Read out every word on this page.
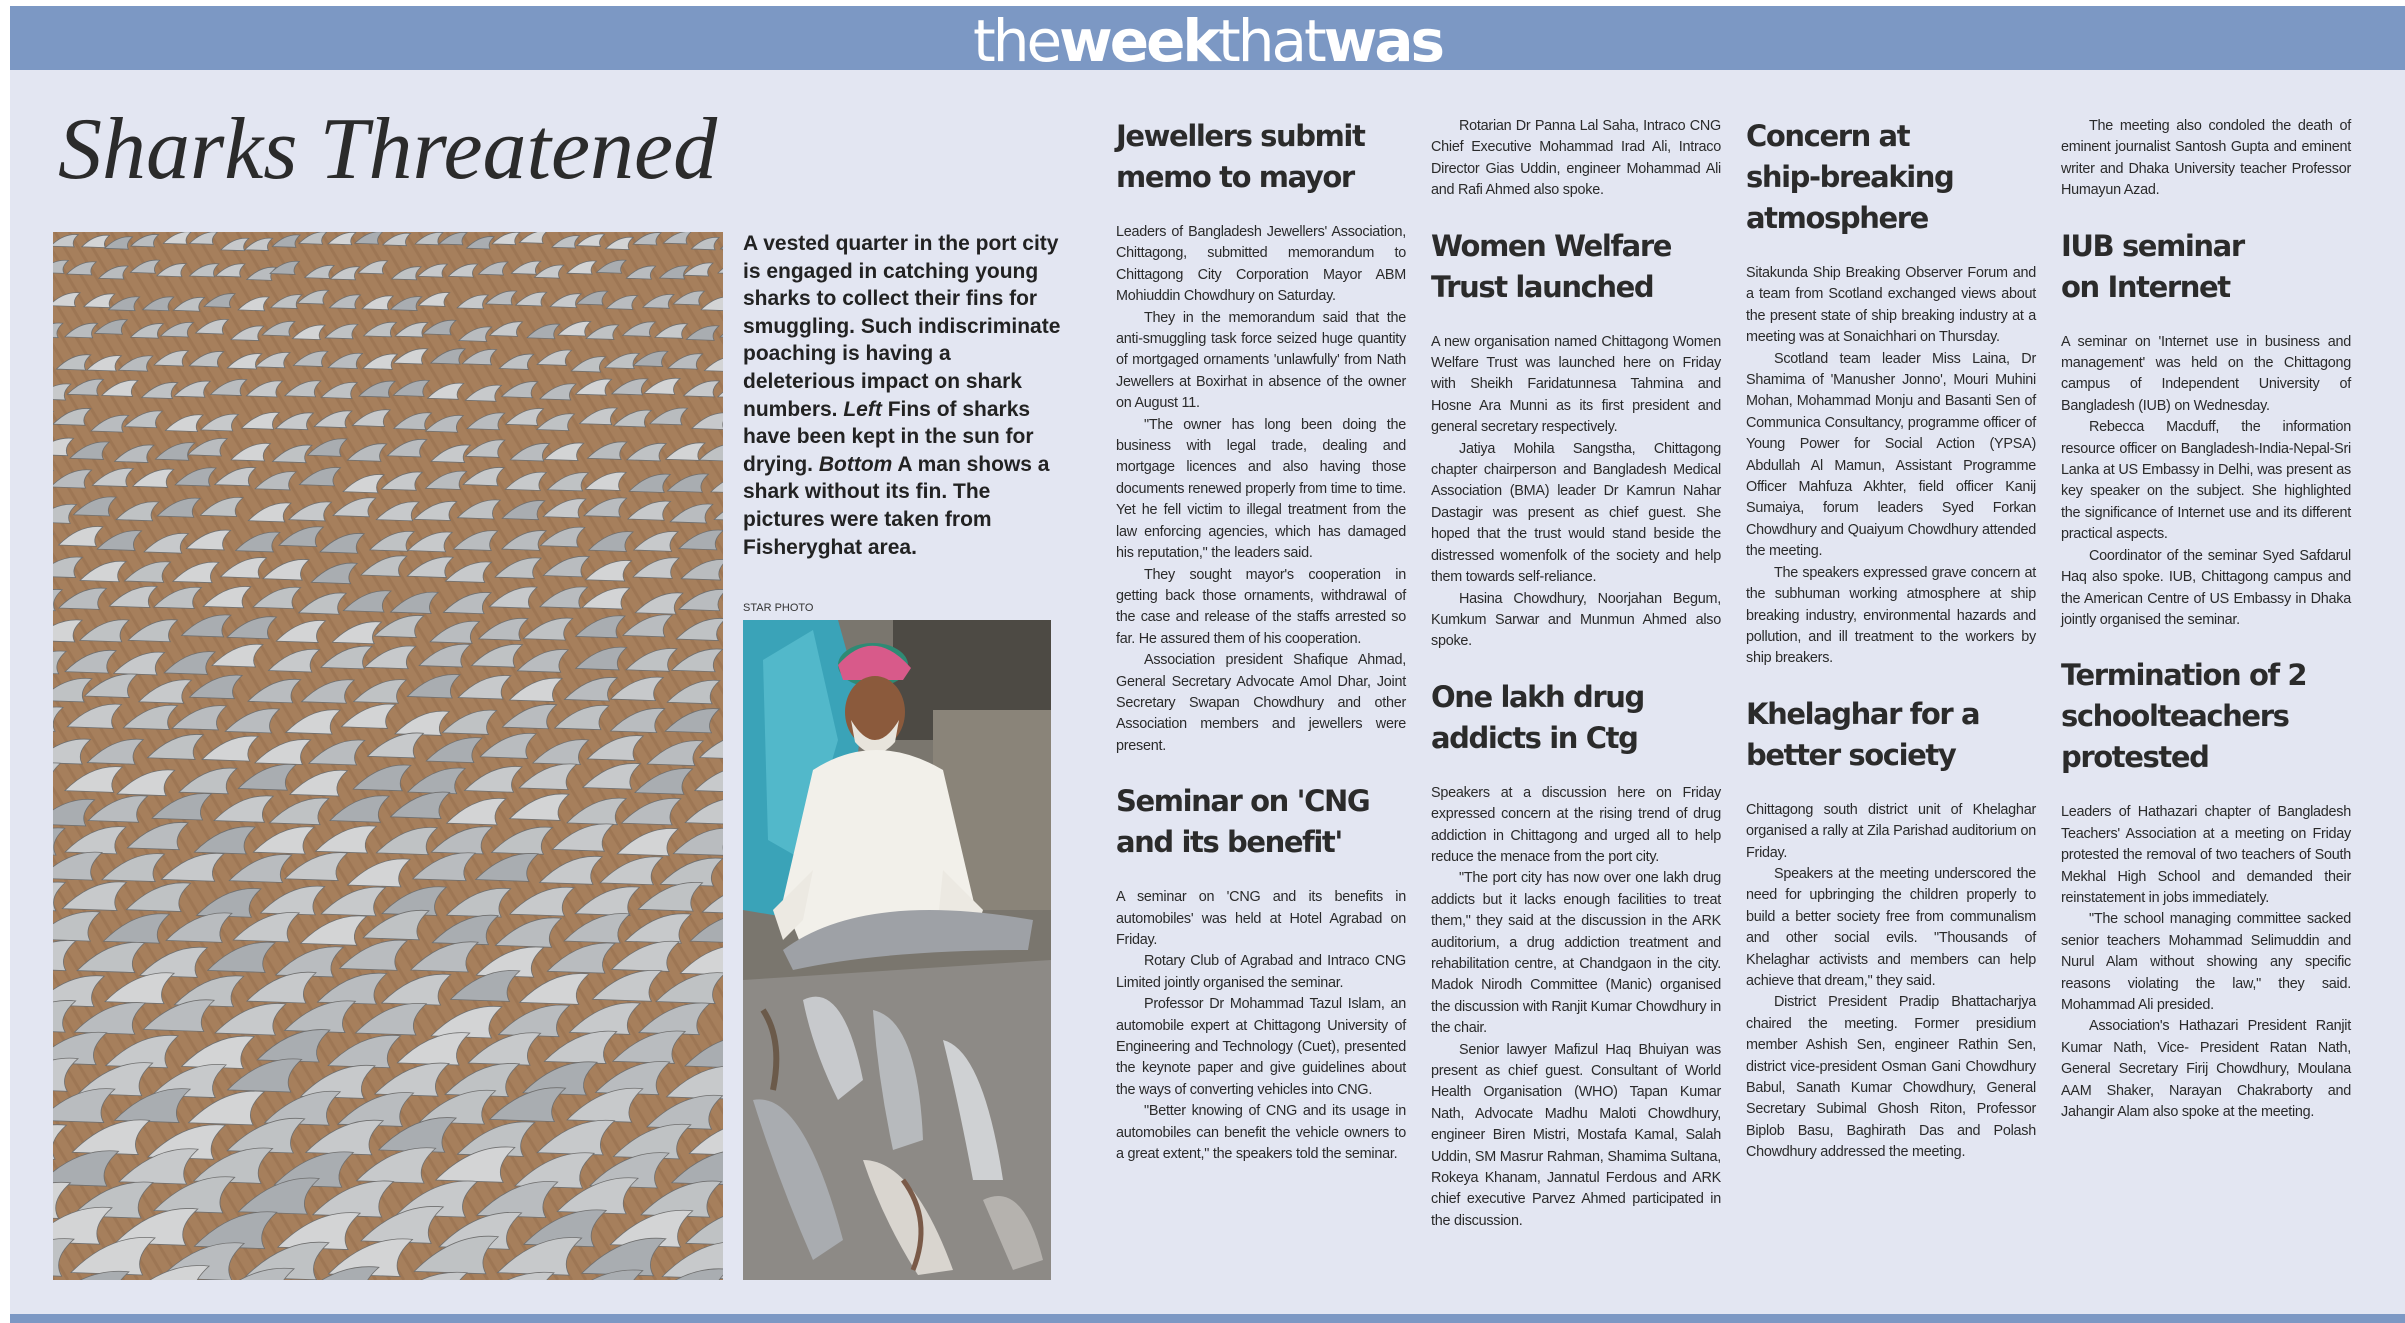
theweekthatwas
Sharks Threatened
A vested quarter in the port city is engaged in catching young sharks to collect their fins for smuggling. Such indiscriminate poaching is having a deleterious impact on shark numbers. Left Fins of sharks have been kept in the sun for drying. Bottom A man shows a shark without its fin. The pictures were taken from Fisheryghat area.
STAR PHOTO
Jewellers submit
memo to mayor

Leaders of Bangladesh Jewellers' Association, Chittagong, submitted memorandum to Chittagong City Corporation Mayor ABM Mohiuddin Chowdhury on Saturday.

They in the memorandum said that the anti-smuggling task force seized huge quantity of mortgaged ornaments 'unlawfully' from Nath Jewellers at Boxirhat in absence of the owner on August 11.

"The owner has long been doing the business with legal trade, dealing and mortgage licences and also having those documents renewed properly from time to time. Yet he fell victim to illegal treatment from the law enforcing agencies, which has damaged his reputation," the leaders said.

They sought mayor's cooperation in getting back those ornaments, withdrawal of the case and release of the staffs arrested so far. He assured them of his cooperation.

Association president Shafique Ahmad, General Secretary Advocate Amol Dhar, Joint Secretary Swapan Chowdhury and other Association members and jewellers were present.

Seminar on 'CNG
and its benefit'

A seminar on 'CNG and its benefits in automobiles' was held at Hotel Agrabad on Friday.

Rotary Club of Agrabad and Intraco CNG Limited jointly organised the seminar.

Professor Dr Mohammad Tazul Islam, an automobile expert at Chittagong University of Engineering and Technology (Cuet), presented the keynote paper and give guidelines about the ways of converting vehicles into CNG.

"Better knowing of CNG and its usage in automobiles can benefit the vehicle owners to a great extent," the speakers told the seminar.

Rotarian Dr Panna Lal Saha, Intraco CNG Chief Executive Mohammad Irad Ali, Intraco Director Gias Uddin, engineer Mohammad Ali and Rafi Ahmed also spoke.

Women Welfare
Trust launched

A new organisation named Chittagong Women Welfare Trust was launched here on Friday with Sheikh Faridatunnesa Tahmina and Hosne Ara Munni as its first president and general secretary respectively.

Jatiya Mohila Sangstha, Chittagong chapter chairperson and Bangladesh Medical Association (BMA) leader Dr Kamrun Nahar Dastagir was present as chief guest. She hoped that the trust would stand beside the distressed womenfolk of the society and help them towards self-reliance.

Hasina Chowdhury, Noorjahan Begum, Kumkum Sarwar and Munmun Ahmed also spoke.

One lakh drug
addicts in Ctg

Speakers at a discussion here on Friday expressed concern at the rising trend of drug addiction in Chittagong and urged all to help reduce the menace from the port city.

"The port city has now over one lakh drug addicts but it lacks enough facilities to treat them," they said at the discussion in the ARK auditorium, a drug addiction treatment and rehabilitation centre, at Chandgaon in the city. Madok Nirodh Committee (Manic) organised the discussion with Ranjit Kumar Chowdhury in the chair.

Senior lawyer Mafizul Haq Bhuiyan was present as chief guest. Consultant of World Health Organisation (WHO) Tapan Kumar Nath, Advocate Madhu Maloti Chowdhury, engineer Biren Mistri, Mostafa Kamal, Salah Uddin, SM Masrur Rahman, Shamima Sultana, Rokeya Khanam, Jannatul Ferdous and ARK chief executive Parvez Ahmed participated in the discussion.

Concern at
ship-breaking
atmosphere

Sitakunda Ship Breaking Observer Forum and a team from Scotland exchanged views about the present state of ship breaking industry at a meeting was at Sonaichhari on Thursday.

Scotland team leader Miss Laina, Dr Shamima of 'Manusher Jonno', Mouri Muhini Mohan, Mohammad Monju and Basanti Sen of Communica Consultancy, programme officer of Young Power for Social Action (YPSA) Abdullah Al Mamun, Assistant Programme Officer Mahfuza Akhter, field officer Kanij Sumaiya, forum leaders Syed Forkan Chowdhury and Quaiyum Chowdhury attended the meeting.

The speakers expressed grave concern at the subhuman working atmosphere at ship breaking industry, environmental hazards and pollution, and ill treatment to the workers by ship breakers.

Khelaghar for a
better society

Chittagong south district unit of Khelaghar organised a rally at Zila Parishad auditorium on Friday.

Speakers at the meeting underscored the need for upbringing the children properly to build a better society free from communalism and other social evils. "Thousands of Khelaghar activists and members can help achieve that dream," they said.

District President Pradip Bhattacharjya chaired the meeting. Former presidium member Ashish Sen, engineer Rathin Sen, district vice-president Osman Gani Chowdhury Babul, Sanath Kumar Chowdhury, General Secretary Subimal Ghosh Riton, Professor Biplob Basu, Baghirath Das and Polash Chowdhury addressed the meeting.

The meeting also condoled the death of eminent journalist Santosh Gupta and eminent writer and Dhaka University teacher Professor Humayun Azad.

IUB seminar
on Internet

A seminar on 'Internet use in business and management' was held on the Chittagong campus of Independent University of Bangladesh (IUB) on Wednesday.

Rebecca Macduff, the information resource officer on Bangladesh-India-Nepal-Sri Lanka at US Embassy in Delhi, was present as key speaker on the subject. She highlighted the significance of Internet use and its different practical aspects.

Coordinator of the seminar Syed Safdarul Haq also spoke. IUB, Chittagong campus and the American Centre of US Embassy in Dhaka jointly organised the seminar.

Termination of 2
schoolteachers
protested

Leaders of Hathazari chapter of Bangladesh Teachers' Association at a meeting on Friday protested the removal of two teachers of South Mekhal High School and demanded their reinstatement in jobs immediately.

"The school managing committee sacked senior teachers Mohammad Selimuddin and Nurul Alam without showing any specific reasons violating the law," they said. Mohammad Ali presided.

Association's Hathazari President Ranjit Kumar Nath, Vice- President Ratan Nath, General Secretary Firij Chowdhury, Moulana AAM Shaker, Narayan Chakraborty and Jahangir Alam also spoke at the meeting.
